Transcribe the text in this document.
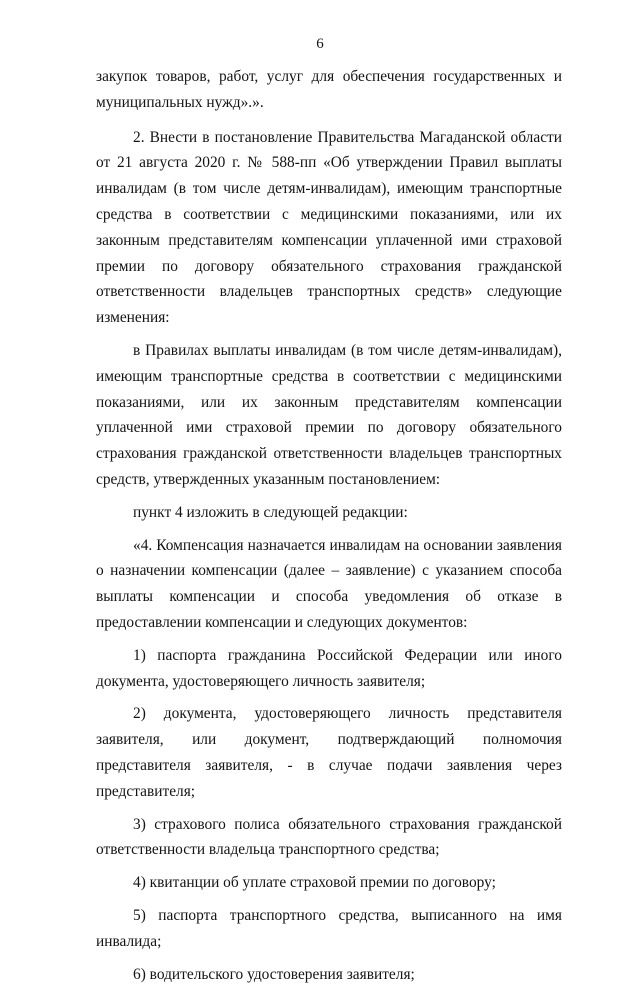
6

закупок товаров, работ, услуг для обеспечения государственных и муниципальных нужд».».

2. Внести в постановление Правительства Магаданской области от 21 августа 2020 г. № 588-пп «Об утверждении Правил выплаты инвалидам (в том числе детям-инвалидам), имеющим транспортные средства в соответствии с медицинскими показаниями, или их законным представителям компенсации уплаченной ими страховой премии по договору обязательного страхования гражданской ответственности владельцев транспортных средств» следующие изменения:

в Правилах выплаты инвалидам (в том числе детям-инвалидам), имеющим транспортные средства в соответствии с медицинскими показаниями, или их законным представителям компенсации уплаченной ими страховой премии по договору обязательного страхования гражданской ответственности владельцев транспортных средств, утвержденных указанным постановлением:

пункт 4 изложить в следующей редакции:

«4. Компенсация назначается инвалидам на основании заявления о назначении компенсации (далее – заявление) с указанием способа выплаты компенсации и способа уведомления об отказе в предоставлении компенсации и следующих документов:

1) паспорта гражданина Российской Федерации или иного документа, удостоверяющего личность заявителя;

2) документа, удостоверяющего личность представителя заявителя, или документ, подтверждающий полномочия представителя заявителя, - в случае подачи заявления через представителя;

3) страхового полиса обязательного страхования гражданской ответственности владельца транспортного средства;

4) квитанции об уплате страховой премии по договору;

5) паспорта транспортного средства, выписанного на имя инвалида;

6) водительского удостоверения заявителя;
